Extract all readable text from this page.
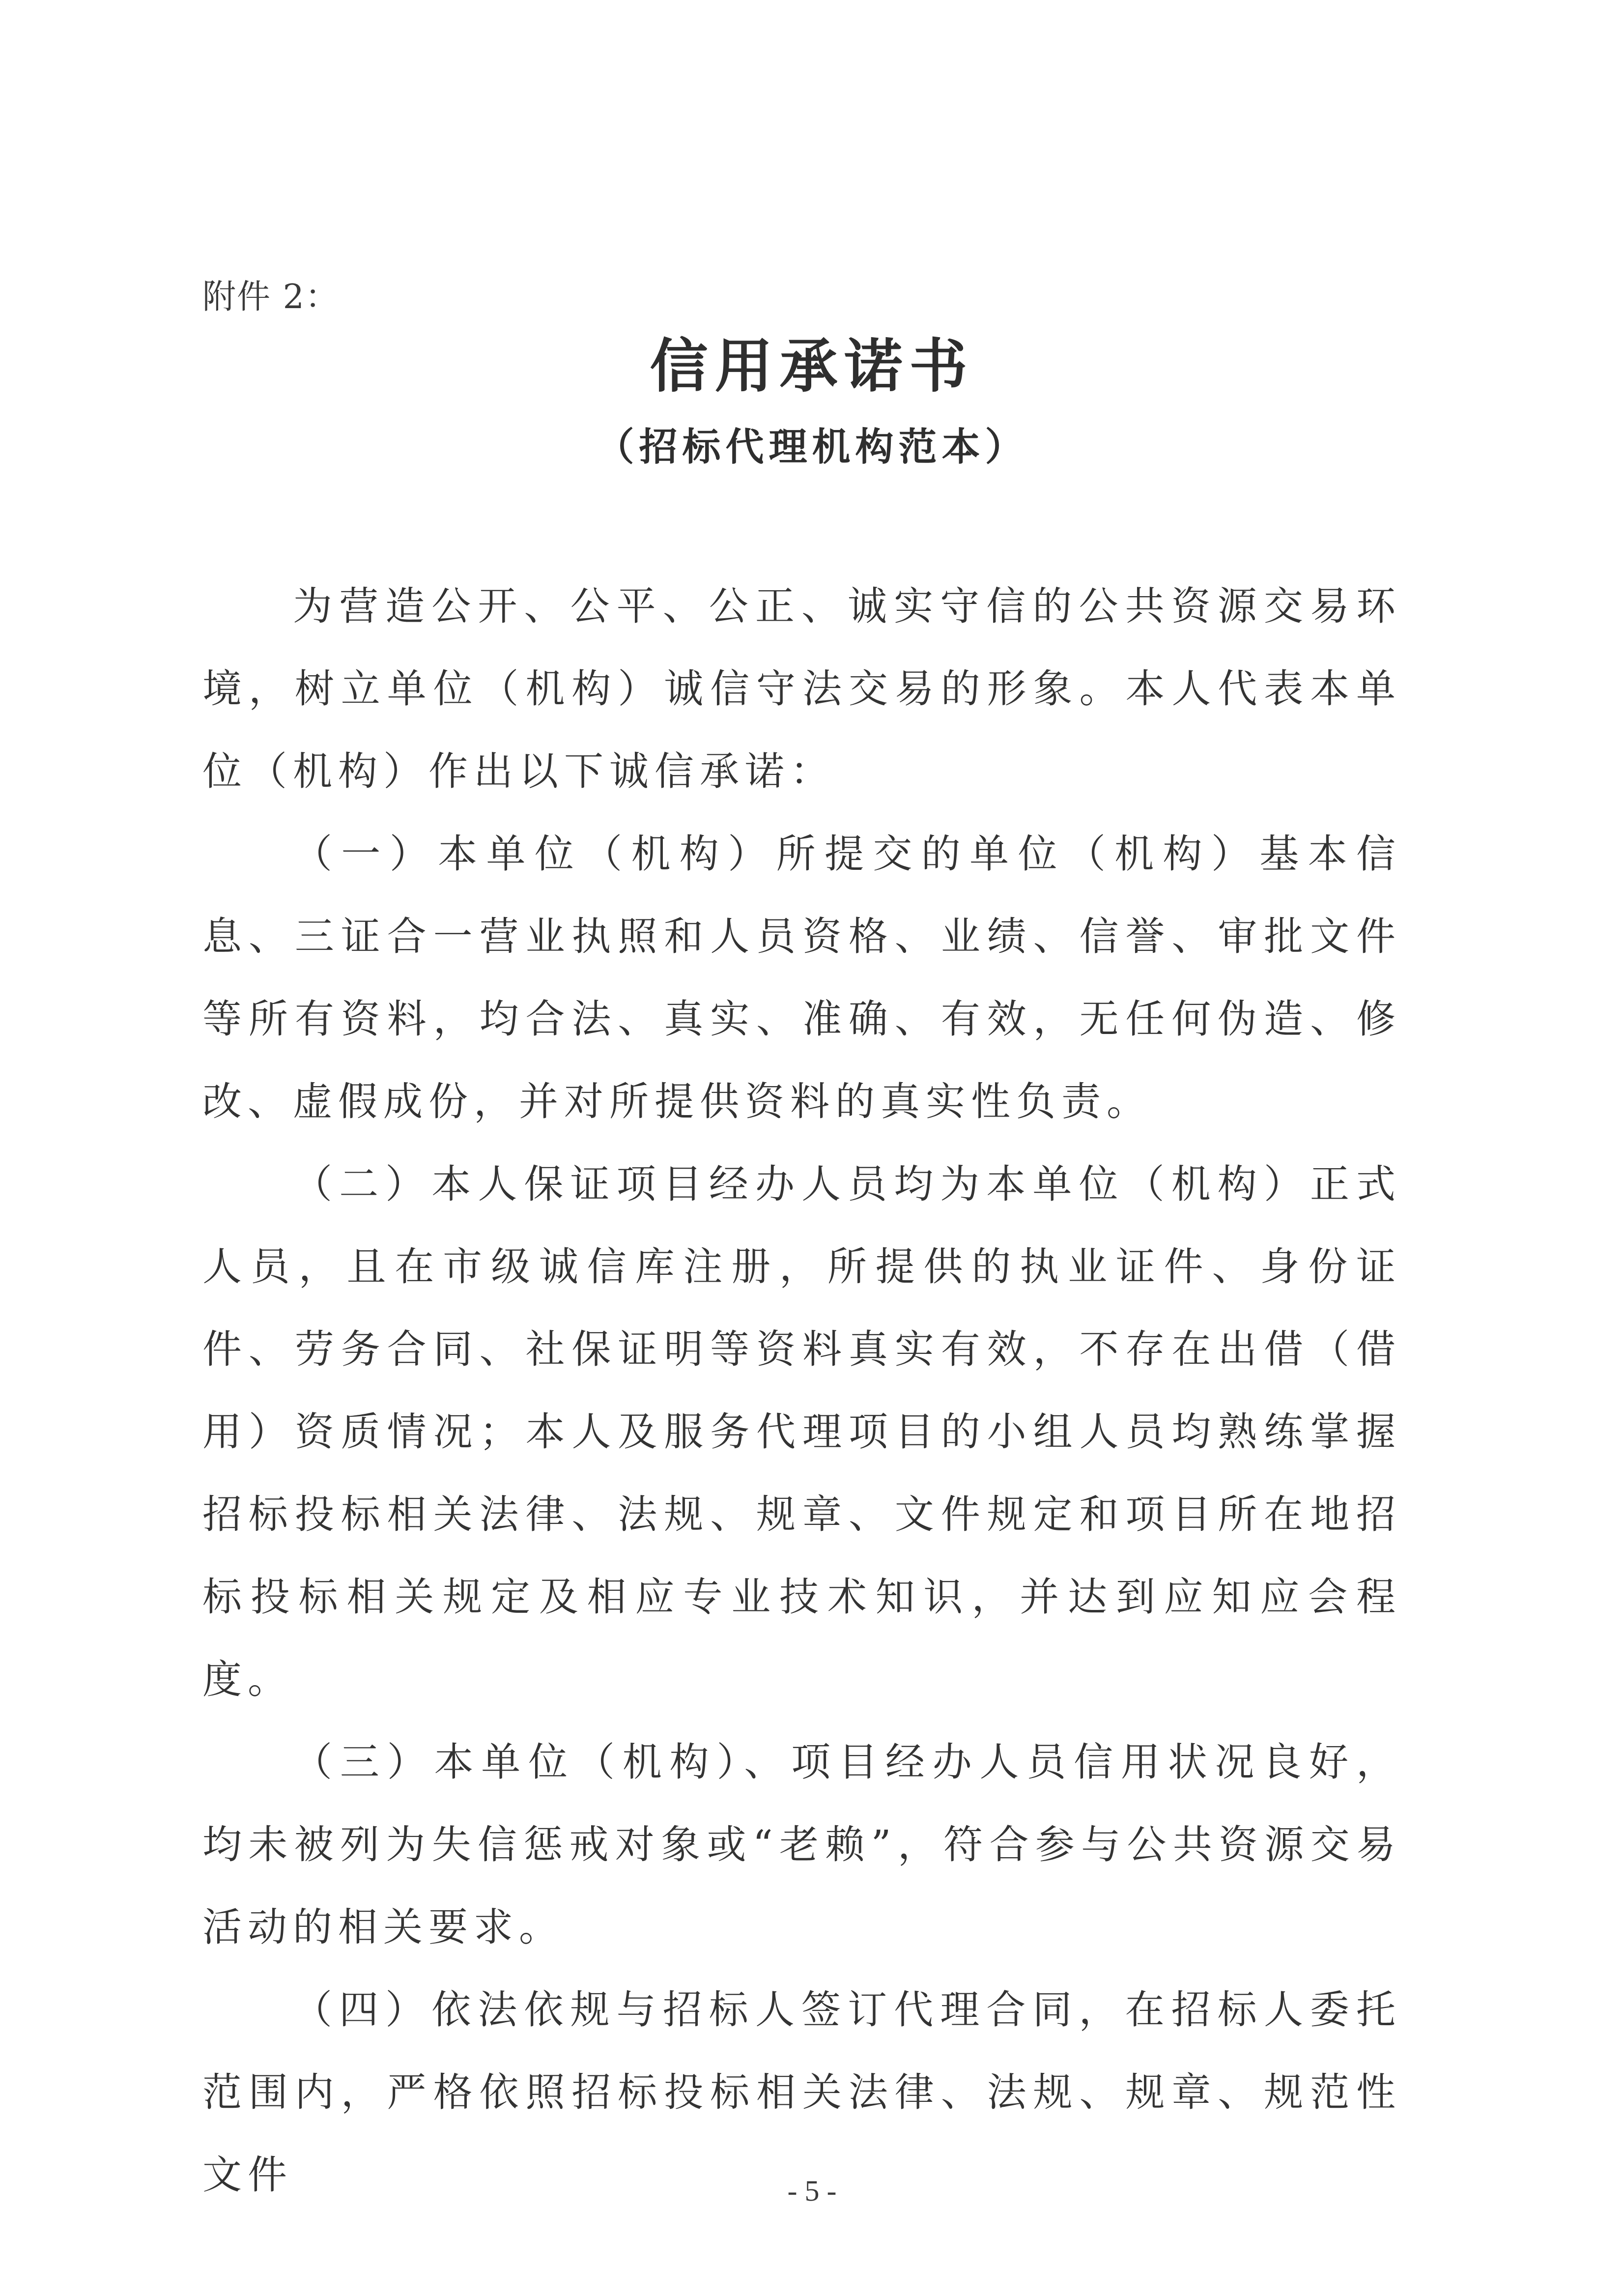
附件 2：
信用承诺书
（招标代理机构范本）

为营造公开、公平、公正、诚实守信的公共资源交易环境，树立单位（机构）诚信守法交易的形象。本人代表本单位（机构）作出以下诚信承诺：

（一）本单位（机构）所提交的单位（机构）基本信息、三证合一营业执照和人员资格、业绩、信誉、审批文件等所有资料，均合法、真实、准确、有效，无任何伪造、修改、虚假成份，并对所提供资料的真实性负责。

（二）本人保证项目经办人员均为本单位（机构）正式人员，且在市级诚信库注册，所提供的执业证件、身份证件、劳务合同、社保证明等资料真实有效，不存在出借（借用）资质情况；本人及服务代理项目的小组人员均熟练掌握招标投标相关法律、法规、规章、文件规定和项目所在地招标投标相关规定及相应专业技术知识，并达到应知应会程度。

（三）本单位（机构）、项目经办人员信用状况良好，均未被列为失信惩戒对象或“老赖”，符合参与公共资源交易活动的相关要求。

（四）依法依规与招标人签订代理合同，在招标人委托范围内，严格依照招标投标相关法律、法规、规章、规范性文件	- 5 -
